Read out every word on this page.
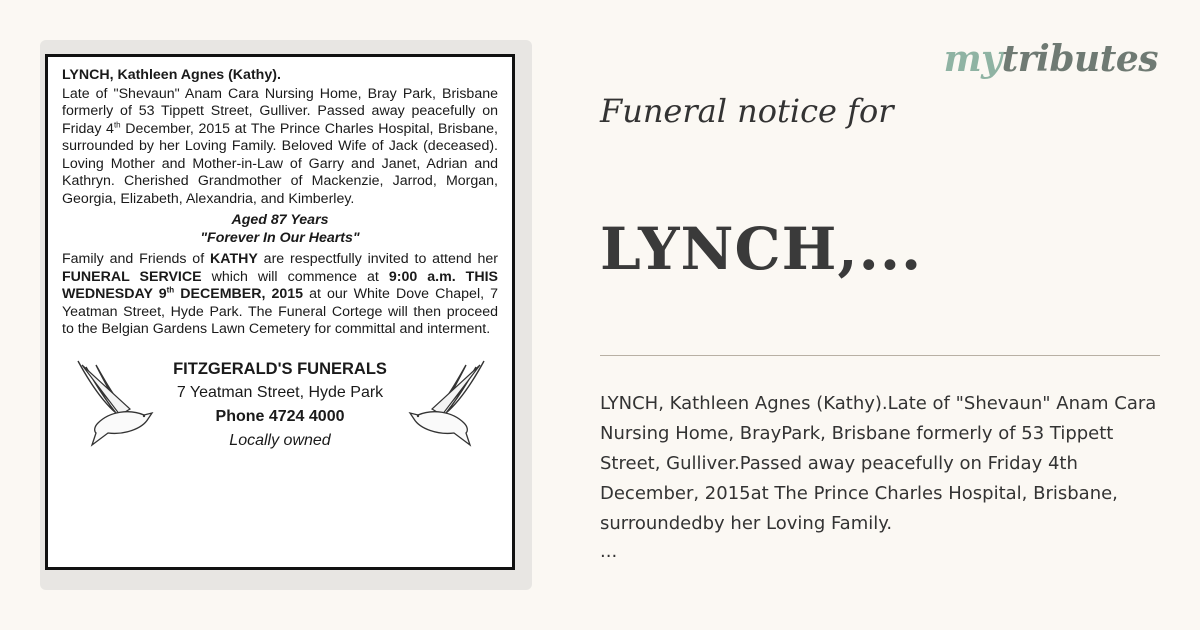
LYNCH, Kathleen Agnes (Kathy).

Late of "Shevaun" Anam Cara Nursing Home, Bray Park, Brisbane formerly of 53 Tippett Street, Gulliver. Passed away peacefully on Friday 4th December, 2015 at The Prince Charles Hospital, Brisbane, surrounded by her Loving Family. Beloved Wife of Jack (deceased). Loving Mother and Mother-in-Law of Garry and Janet, Adrian and Kathryn. Cherished Grandmother of Mackenzie, Jarrod, Morgan, Georgia, Elizabeth, Alexandria, and Kimberley.

Aged 87 Years

"Forever In Our Hearts"

Family and Friends of KATHY are respectfully invited to attend her FUNERAL SERVICE which will commence at 9:00 a.m. THIS WEDNESDAY 9th DECEMBER, 2015 at our White Dove Chapel, 7 Yeatman Street, Hyde Park. The Funeral Cortege will then proceed to the Belgian Gardens Lawn Cemetery for committal and interment.

FITZGERALD'S FUNERALS
7 Yeatman Street, Hyde Park
Phone 4724 4000
Locally owned
mytributes
Funeral notice for
LYNCH,...
LYNCH, Kathleen Agnes (Kathy).Late of "Shevaun" Anam Cara Nursing Home, BrayPark, Brisbane formerly of 53 Tippett Street, Gulliver.Passed away peacefully on Friday 4th December, 2015at The Prince Charles Hospital, Brisbane, surroundedby her Loving Family.
...
